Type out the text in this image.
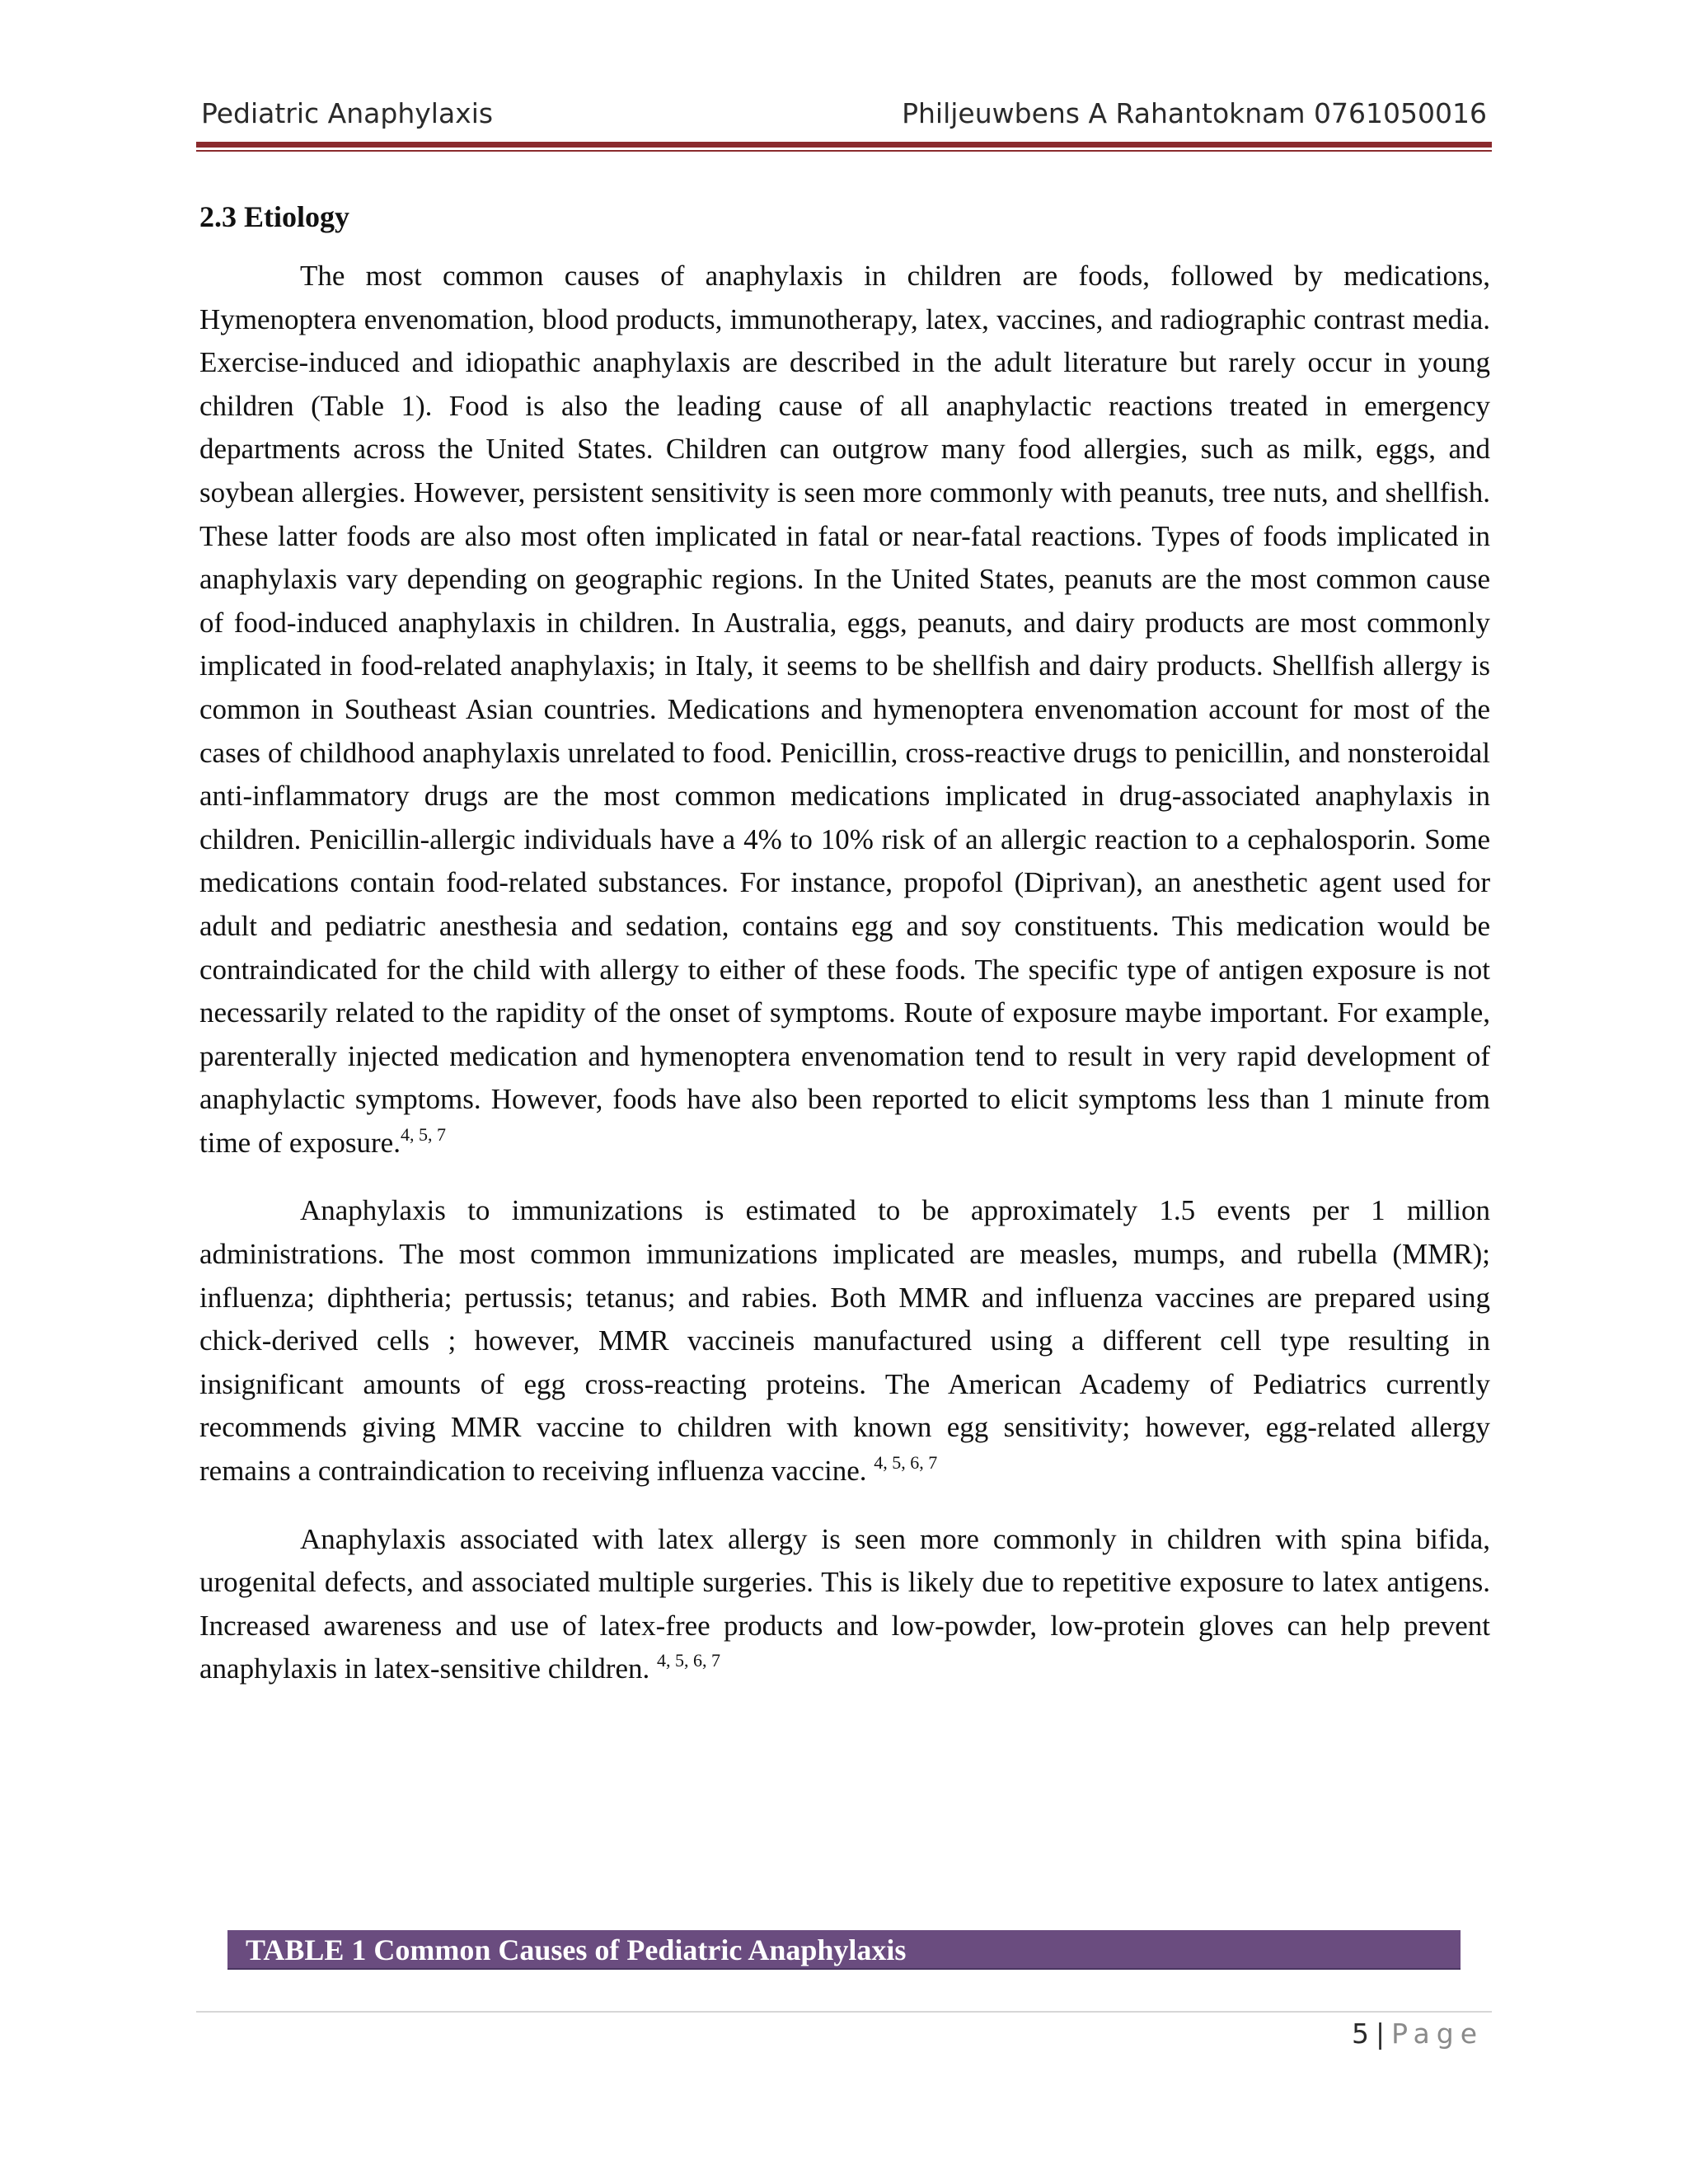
Pediatric Anaphylaxis	Philjeuwbens A Rahantoknam 0761050016
2.3 Etiology

The most common causes of anaphylaxis in children are foods, followed by medications, Hymenoptera envenomation, blood products, immunotherapy, latex, vaccines, and radiographic contrast media. Exercise-induced and idiopathic anaphylaxis are described in the adult literature but rarely occur in young children (Table 1). Food is also the leading cause of all anaphylactic reactions treated in emergency departments across the United States. Children can outgrow many food allergies, such as milk, eggs, and soybean allergies. However, persistent sensitivity is seen more commonly with peanuts, tree nuts, and shellfish. These latter foods are also most often implicated in fatal or near-fatal reactions. Types of foods implicated in anaphylaxis vary depending on geographic regions. In the United States, peanuts are the most common cause of food-induced anaphylaxis in children. In Australia, eggs, peanuts, and dairy products are most commonly implicated in food-related anaphylaxis; in Italy, it seems to be shellfish and dairy products. Shellfish allergy is common in Southeast Asian countries. Medications and hymenoptera envenomation account for most of the cases of childhood anaphylaxis unrelated to food. Penicillin, cross-reactive drugs to penicillin, and nonsteroidal anti-inflammatory drugs are the most common medications implicated in drug-associated anaphylaxis in children. Penicillin-allergic individuals have a 4% to 10% risk of an allergic reaction to a cephalosporin. Some medications contain food-related substances. For instance, propofol (Diprivan), an anesthetic agent used for adult and pediatric anesthesia and sedation, contains egg and soy constituents. This medication would be contraindicated for the child with allergy to either of these foods. The specific type of antigen exposure is not necessarily related to the rapidity of the onset of symptoms. Route of exposure maybe important. For example, parenterally injected medication and hymenoptera envenomation tend to result in very rapid development of anaphylactic symptoms. However, foods have also been reported to elicit symptoms less than 1 minute from time of exposure.$^{4, 5, 7}$

Anaphylaxis to immunizations is estimated to be approximately 1.5 events per 1 million administrations. The most common immunizations implicated are measles, mumps, and rubella (MMR); influenza; diphtheria; pertussis; tetanus; and rabies. Both MMR and influenza vaccines are prepared using chick-derived cells ; however, MMR vaccineis manufactured using a different cell type resulting in insignificant amounts of egg cross-reacting proteins. The American Academy of Pediatrics currently recommends giving MMR vaccine to children with known egg sensitivity; however, egg-related allergy remains a contraindication to receiving influenza vaccine. $^{4, 5, 6, 7}$

Anaphylaxis associated with latex allergy is seen more commonly in children with spina bifida, urogenital defects, and associated multiple surgeries. This is likely due to repetitive exposure to latex antigens. Increased awareness and use of latex-free products and low-powder, low-protein gloves can help prevent anaphylaxis in latex-sensitive children. $^{4, 5, 6, 7}$

TABLE 1 Common Causes of Pediatric Anaphylaxis
5 | Page
